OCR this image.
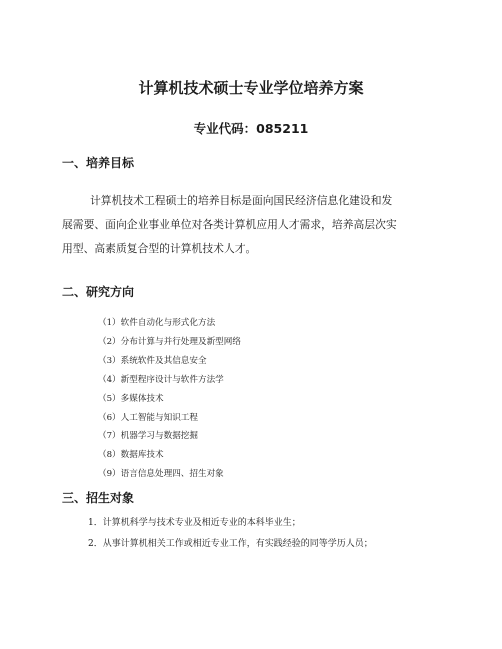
计算机技术硕士专业学位培养方案
专业代码：085211
一、培养目标

计算机技术工程硕士的培养目标是面向国民经济信息化建设和发
展需要、面向企业事业单位对各类计算机应用人才需求，培养高层次实
用型、高素质复合型的计算机技术人才。

二、研究方向
（1）软件自动化与形式化方法
（2）分布计算与并行处理及新型网络
（3）系统软件及其信息安全
（4）新型程序设计与软件方法学
（5）多媒体技术
（6）人工智能与知识工程
（7）机器学习与数据挖掘
（8）数据库技术
（9）语言信息处理四、招生对象
三、招生对象
1．计算机科学与技术专业及相近专业的本科毕业生；
2．从事计算机相关工作或相近专业工作，有实践经验的同等学历人员；
